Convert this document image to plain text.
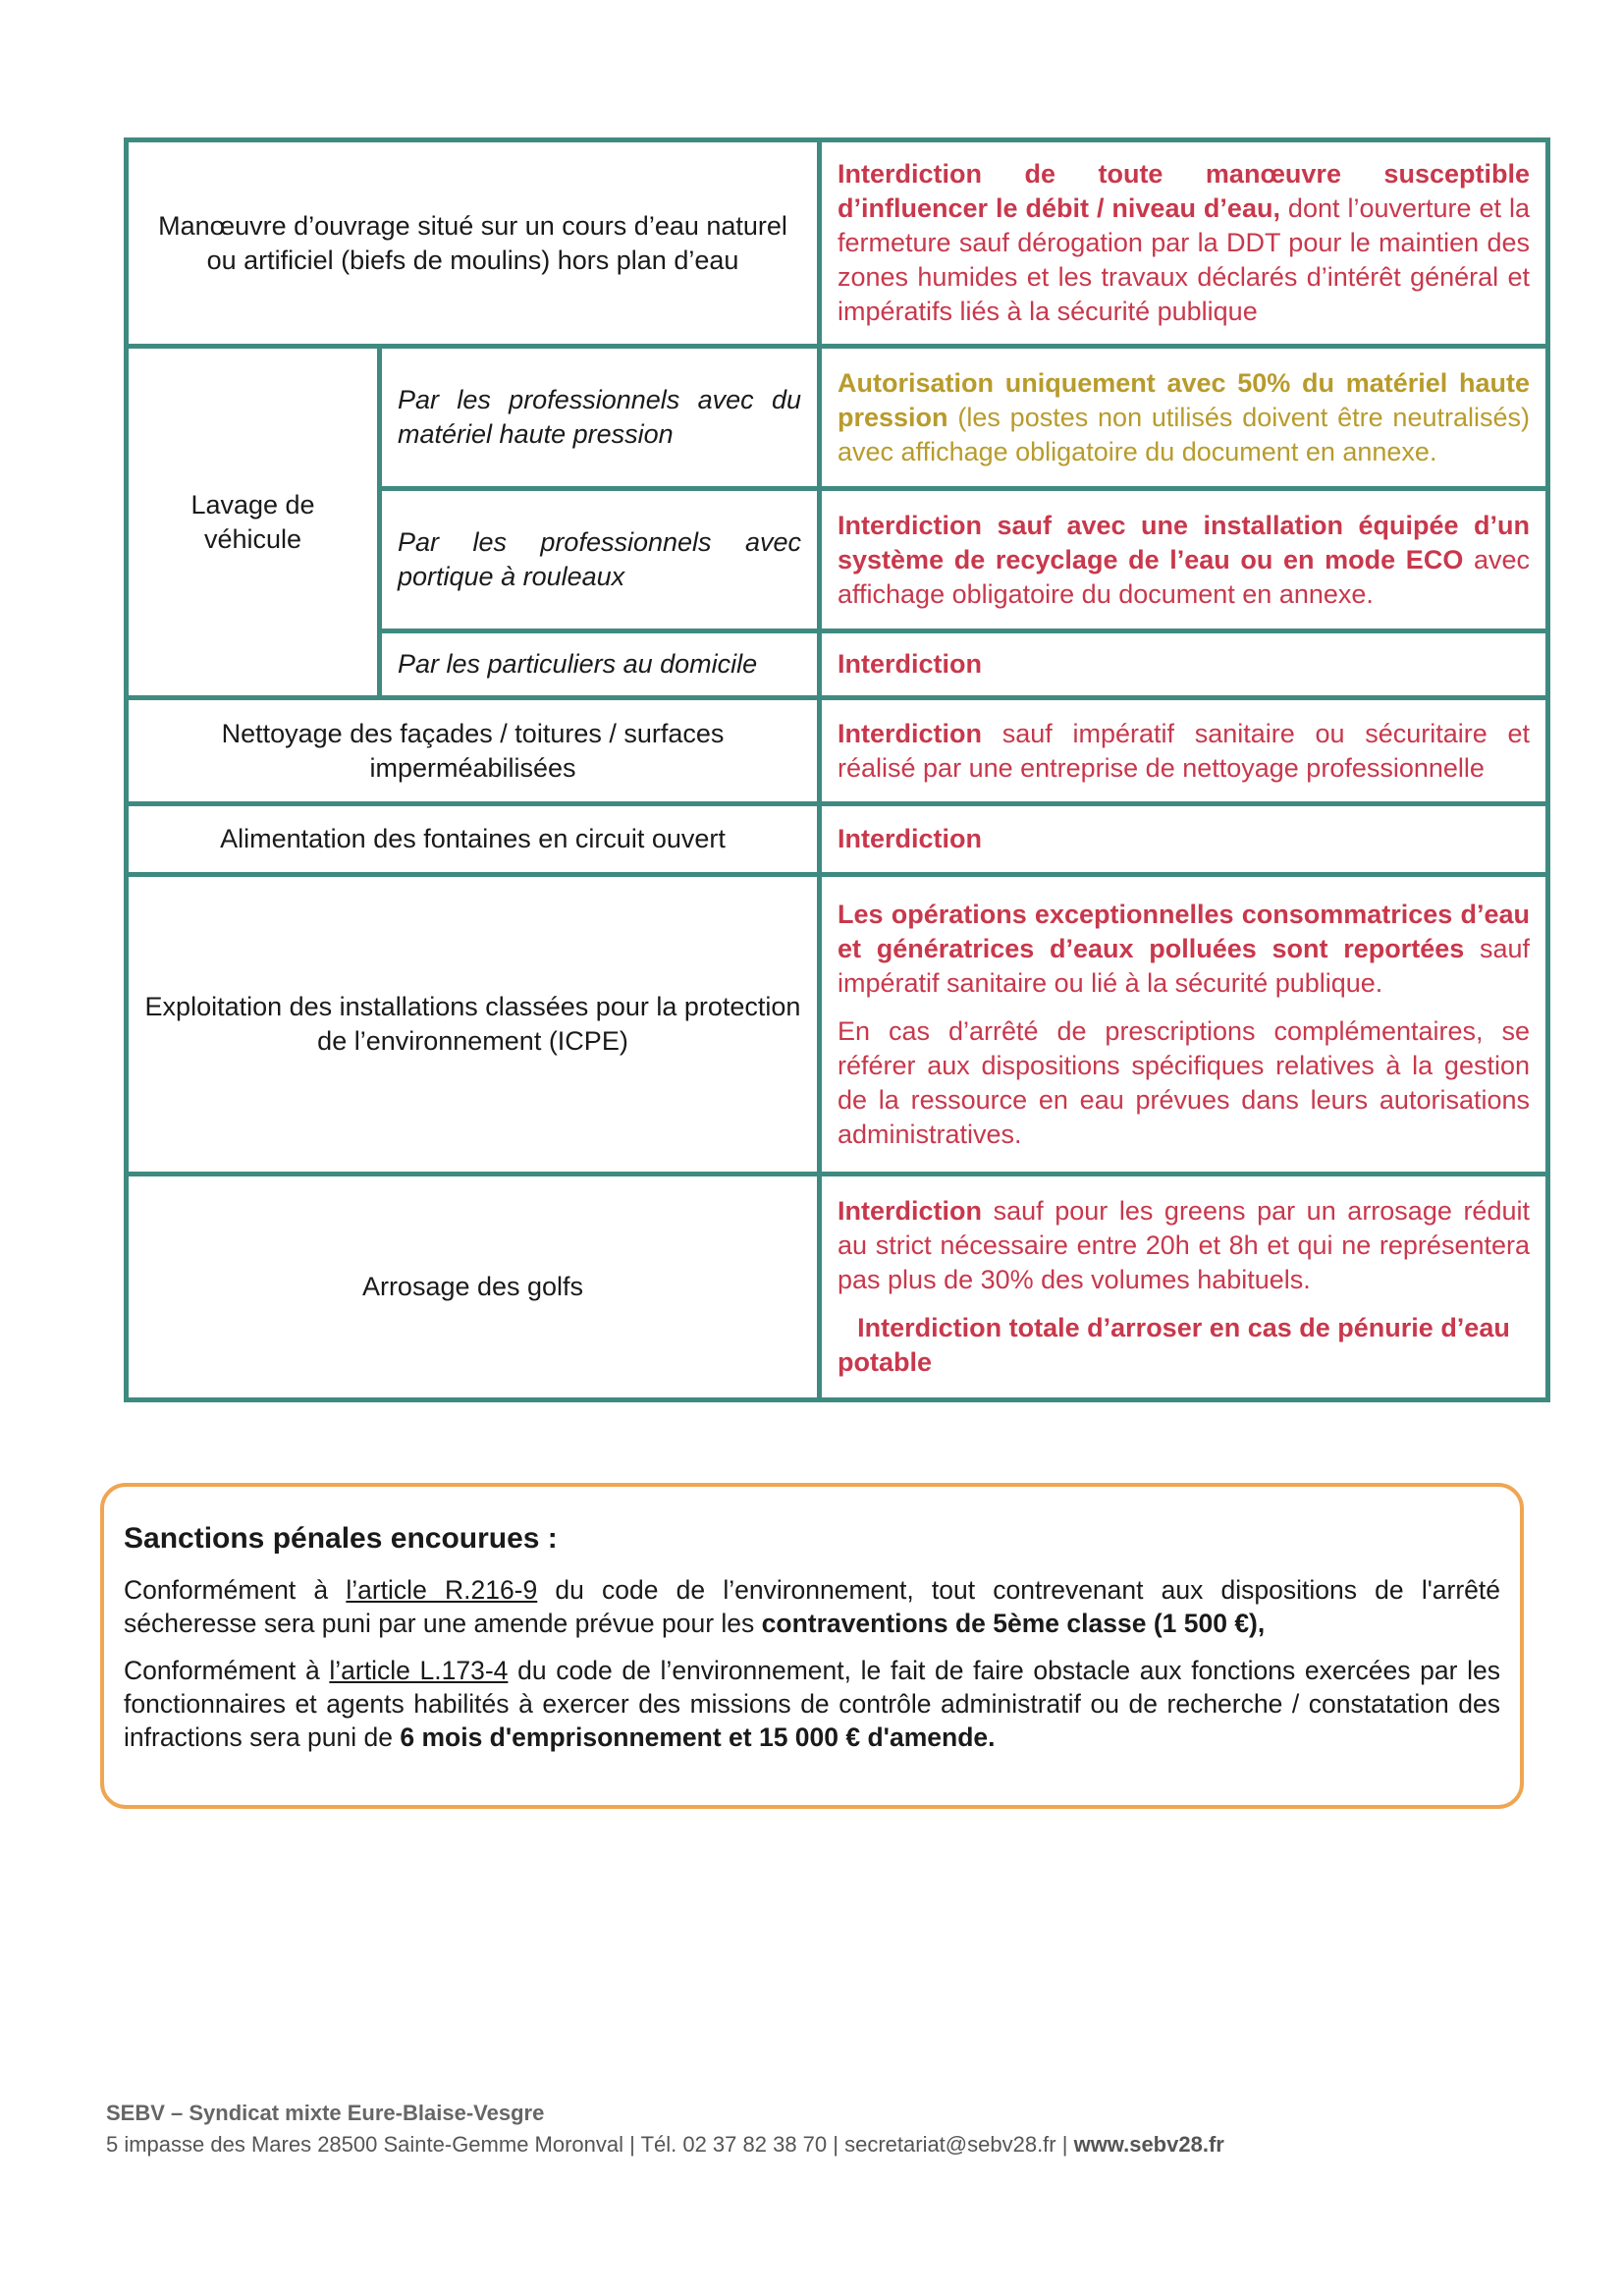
Manœuvre d’ouvrage situé sur un cours d’eau naturel ou artificiel (biefs de moulins) hors plan d’eau		Interdiction de toute manœuvre susceptible d’influencer le débit / niveau d’eau, dont l’ouverture et la fermeture sauf dérogation par la DDT pour le maintien des zones humides et les travaux déclarés d’intérêt général et impératifs liés à la sécurité publique
Lavage de véhicule	Par les professionnels avec du matériel haute pression	Autorisation uniquement avec 50% du matériel haute pression (les postes non utilisés doivent être neutralisés) avec affichage obligatoire du document en annexe.
	Par les professionnels avec portique à rouleaux	Interdiction sauf avec une installation équipée d’un système de recyclage de l’eau ou en mode ECO avec affichage obligatoire du document en annexe.
	Par les particuliers au domicile	Interdiction
Nettoyage des façades / toitures / surfaces imperméabilisées		Interdiction sauf impératif sanitaire ou sécuritaire et réalisé par une entreprise de nettoyage professionnelle
Alimentation des fontaines en circuit ouvert		Interdiction
Exploitation des installations classées pour la protection de l’environnement (ICPE)		Les opérations exceptionnelles consommatrices d’eau et génératrices d’eaux polluées sont reportées sauf impératif sanitaire ou lié à la sécurité publique.
En cas d’arrêté de prescriptions complémentaires, se référer aux dispositions spécifiques relatives à la gestion de la ressource en eau prévues dans leurs autorisations administratives.

Arrosage des golfs		Interdiction sauf pour les greens par un arrosage réduit au strict nécessaire entre 20h et 8h et qui ne représentera pas plus de 30% des volumes habituels.
Interdiction totale d’arroser en cas de pénurie d’eau potable
Sanctions pénales encourues :

Conformément à l’article R.216-9 du code de l’environnement, tout contrevenant aux dispositions de l'arrêté sécheresse sera puni par une amende prévue pour les contraventions de 5ème classe (1 500 €),

Conformément à l’article L.173-4 du code de l’environnement, le fait de faire obstacle aux fonctions exercées par les fonctionnaires et agents habilités à exercer des missions de contrôle administratif ou de recherche / constatation des infractions sera puni de 6 mois d'emprisonnement et 15 000 € d'amende.

SEBV – Syndicat mixte Eure-Blaise-Vesgre
5 impasse des Mares 28500 Sainte-Gemme Moronval | Tél. 02 37 82 38 70 | secretariat@sebv28.fr | www.sebv28.fr
